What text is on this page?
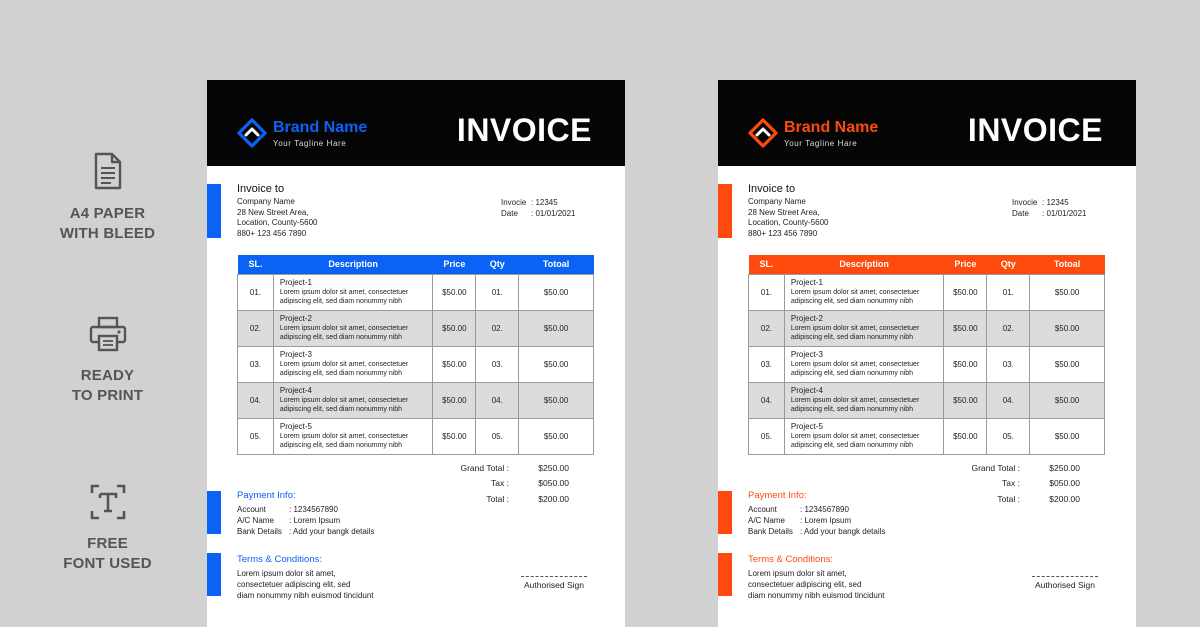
A4 PAPER
WITH BLEED
READY
TO PRINT
FREE
FONT USED
Brand Name
Your Tagline Hare	INVOICE
Invoice to
Company Name
28 New Street Area,
Location, County-5600
880+ 123 456 7890
Invocie : 12345
Date	: 01/01/2021
SL.	Description	Price	Qty	Totoal
01.	Project-1
Lorem ipsum dolor sit amet, consectetuer
adipiscing elit, sed diam nonummy nibh	$50.00	01.	$50.00
02.	Project-2
Lorem ipsum dolor sit amet, consectetuer
adipiscing elit, sed diam nonummy nibh	$50.00	02.	$50.00
03.	Project-3
Lorem ipsum dolor sit amet, consectetuer
adipiscing elit, sed diam nonummy nibh	$50.00	03.	$50.00
04.	Project-4
Lorem ipsum dolor sit amet, consectetuer
adipiscing elit, sed diam nonummy nibh	$50.00	04.	$50.00
05.	Project-5
Lorem ipsum dolor sit amet, consectetuer
adipiscing elit, sed diam nonummy nibh	$50.00	05.	$50.00
Grand Total :	$250.00
Tax :	$050.00
Total :	$200.00
Payment Info:
Account	: 1234567890
A/C Name	: Lorem Ipsum
Bank Details : Add your bangk details
Terms & Conditions:
Lorem ipsum dolor sit amet,
consectetuer adipiscing elit, sed
diam nonummy nibh euismod tincidunt
Authorised Sign
Brand Name
Your Tagline Hare	INVOICE
Invoice to
Company Name
28 New Street Area,
Location, County-5600
880+ 123 456 7890
Invocie : 12345
Date	: 01/01/2021
SL.	Description	Price	Qty	Totoal
01.	Project-1
Lorem ipsum dolor sit amet, consectetuer
adipiscing elit, sed diam nonummy nibh	$50.00	01.	$50.00
02.	Project-2
Lorem ipsum dolor sit amet, consectetuer
adipiscing elit, sed diam nonummy nibh	$50.00	02.	$50.00
03.	Project-3
Lorem ipsum dolor sit amet, consectetuer
adipiscing elit, sed diam nonummy nibh	$50.00	03.	$50.00
04.	Project-4
Lorem ipsum dolor sit amet, consectetuer
adipiscing elit, sed diam nonummy nibh	$50.00	04.	$50.00
05.	Project-5
Lorem ipsum dolor sit amet, consectetuer
adipiscing elit, sed diam nonummy nibh	$50.00	05.	$50.00
Grand Total :	$250.00
Tax :	$050.00
Total :	$200.00
Payment Info:
Account	: 1234567890
A/C Name	: Lorem Ipsum
Bank Details : Add your bangk details
Terms & Conditions:
Lorem ipsum dolor sit amet,
consectetuer adipiscing elit, sed
diam nonummy nibh euismod tincidunt
Authorised Sign
